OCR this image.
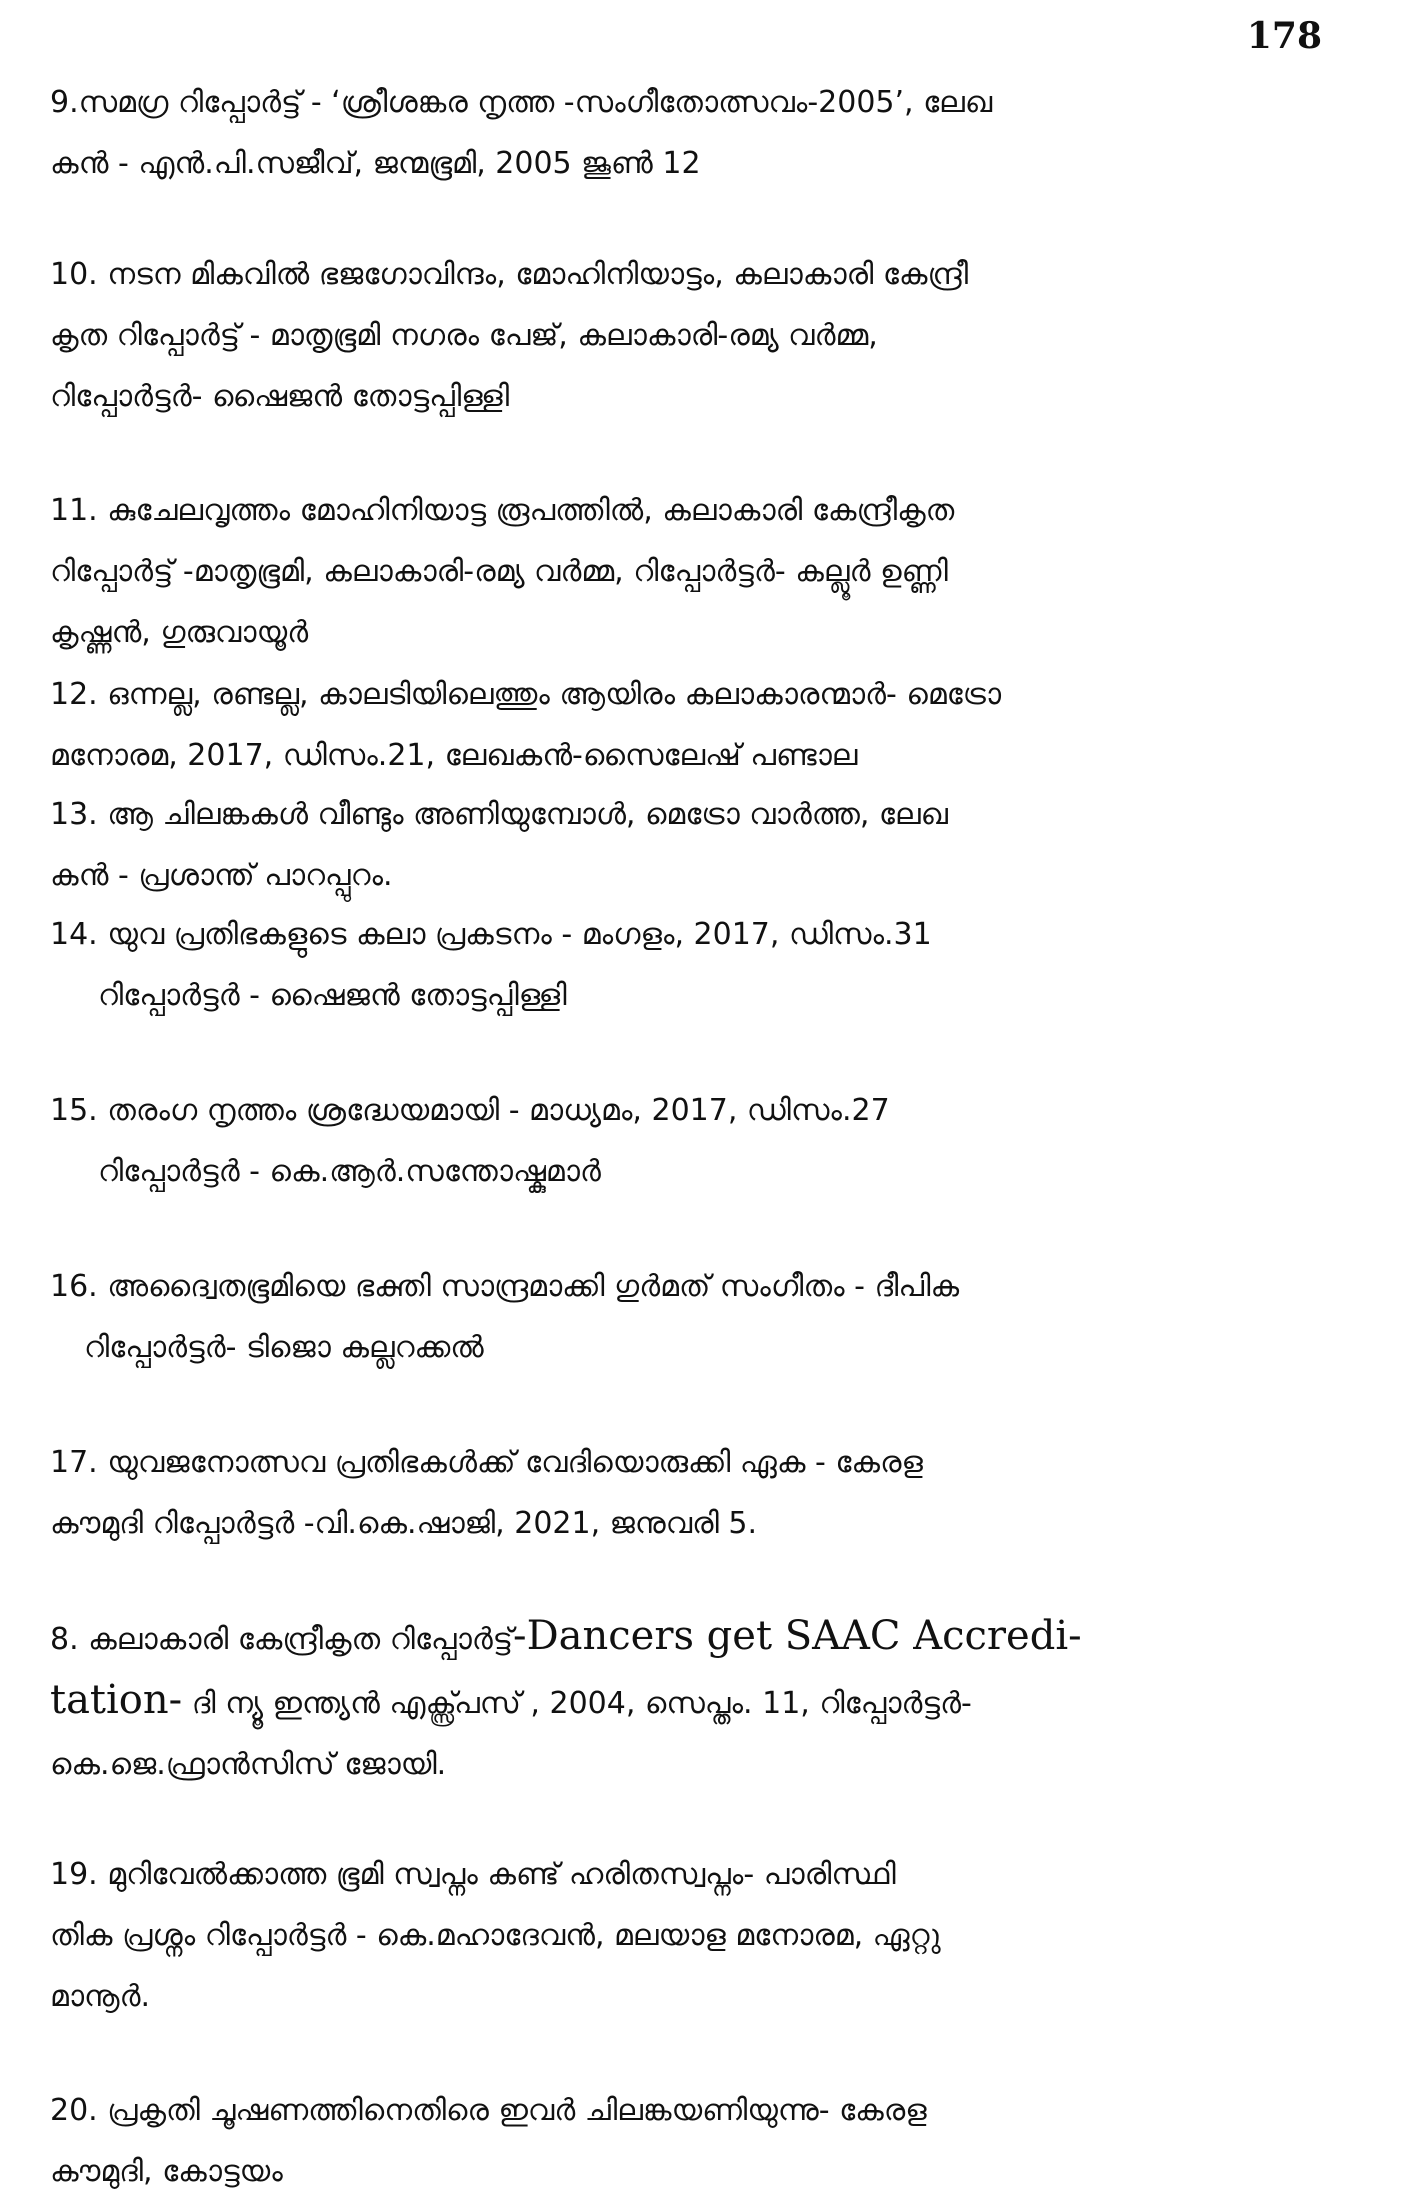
178
9.സമഗ്ര റിപ്പോർട്ട് - ‘ശ്രീശങ്കര നൃത്ത -സംഗീതോത്സവം-2005’, ലേഖ
കൻ - എൻ.പി.സജീവ്, ജന്മഭൂമി, 2005 ജൂൺ 12
10. നടന മികവിൽ ഭജഗോവിന്ദം, മോഹിനിയാട്ടം, കലാകാരി കേന്ദ്രീ
കൃത റിപ്പോർട്ട് - മാതൃഭൂമി നഗരം പേജ്, കലാകാരി-രമ്യ വർമ്മ,
റിപ്പോർട്ടർ- ഷൈജൻ തോട്ടപ്പിള്ളി
11. കുചേലവൃത്തം മോഹിനിയാട്ട രൂപത്തിൽ, കലാകാരി കേന്ദ്രീകൃത
റിപ്പോർട്ട് -മാതൃഭൂമി, കലാകാരി-രമ്യ വർമ്മ, റിപ്പോർട്ടർ- കല്ലൂർ ഉണ്ണി
കൃഷ്ണൻ, ഗുരുവായൂർ
12. ഒന്നല്ല, രണ്ടല്ല, കാലടിയിലെത്തും ആയിരം കലാകാരന്മാർ- മെട്രോ
മനോരമ, 2017, ഡിസം.21, ലേഖകൻ-സൈലേഷ് പണ്ടാല
13. ആ ചിലങ്കകൾ വീണ്ടും അണിയുമ്പോൾ, മെട്രോ വാർത്ത, ലേഖ
കൻ - പ്രശാന്ത് പാറപ്പുറം.
14. യുവ പ്രതിഭകളുടെ കലാ പ്രകടനം - മംഗളം, 2017, ഡിസം.31
റിപ്പോർട്ടർ - ഷൈജൻ തോട്ടപ്പിള്ളി
15. തരംഗ നൃത്തം ശ്രദ്ധേയമായി - മാധ്യമം, 2017, ഡിസം.27
റിപ്പോർട്ടർ - കെ.ആർ.സന്തോഷ്കുമാർ
16. അദ്വൈതഭൂമിയെ ഭക്തി സാന്ദ്രമാക്കി ഗുർമത് സംഗീതം - ദീപിക
റിപ്പോർട്ടർ- ടിജൊ കല്ലറക്കൽ
17. യുവജനോത്സവ പ്രതിഭകൾക്ക് വേദിയൊരുക്കി ഏക - കേരള
കൗമുദി റിപ്പോർട്ടർ -വി.കെ.ഷാജി, 2021, ജനുവരി 5.
8. കലാകാരി കേന്ദ്രീകൃത റിപ്പോർട്ട്-Dancers get SAAC Accredi-
tation- ദി ന്യൂ ഇന്ത്യൻ എക്സ്പ്രസ് , 2004, സെപ്തം. 11, റിപ്പോർട്ടർ-
കെ.ജെ.ഫ്രാൻസിസ് ജോയി.
19. മുറിവേൽക്കാത്ത ഭൂമി സ്വപ്നം കണ്ട് ഹരിതസ്വപ്നം- പാരിസ്ഥി
തിക പ്രശ്നം റിപ്പോർട്ടർ - കെ.മഹാദേവൻ, മലയാള മനോരമ, ഏറ്റു
മാനൂർ.
20. പ്രകൃതി ചൂഷണത്തിനെതിരെ ഇവർ ചിലങ്കയണിയുന്നു- കേരള
കൗമുദി, കോട്ടയം
